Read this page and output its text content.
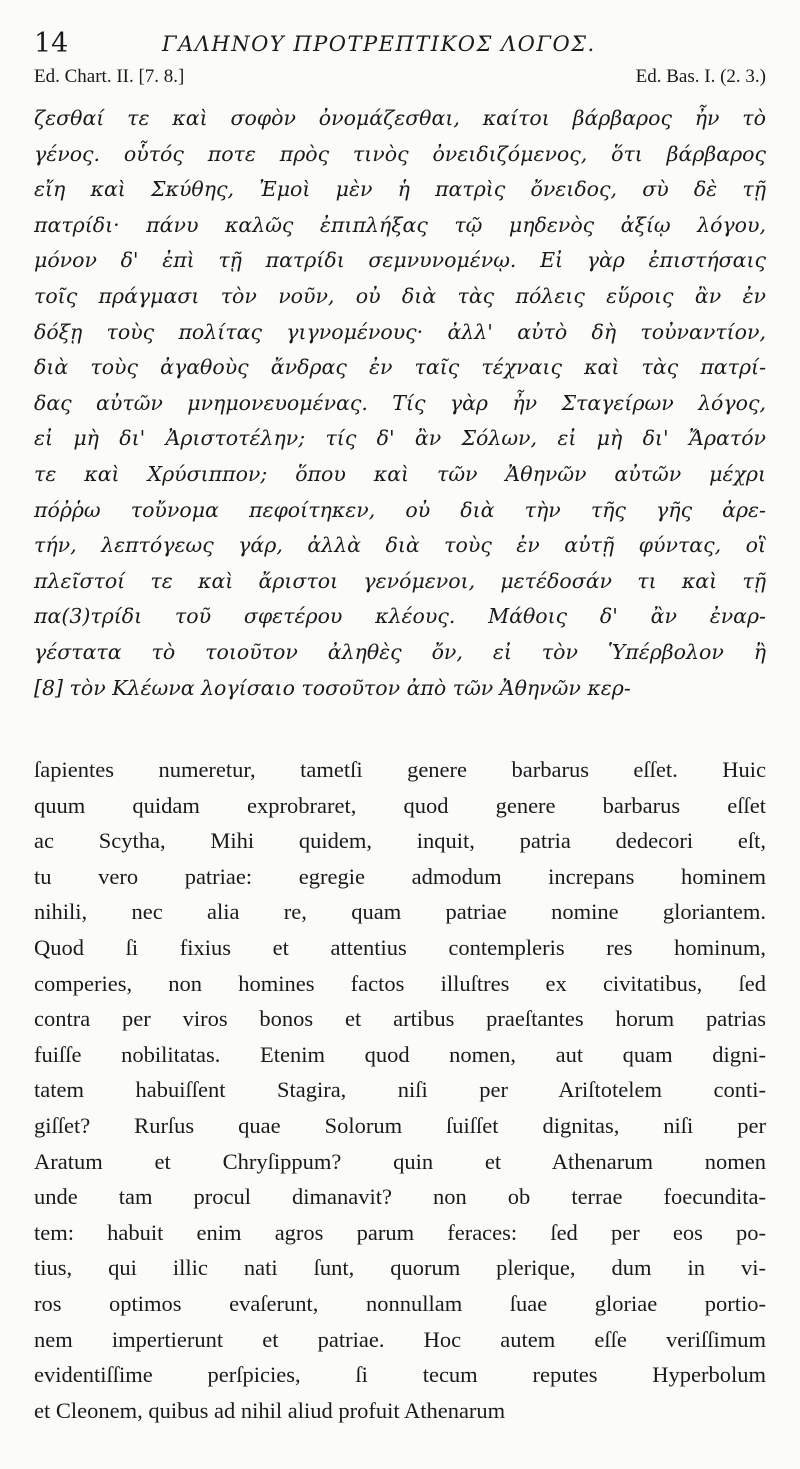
14	ΓΑΛΗΝΟΥ ΠΡΟΤΡΕΠΤΙΚΟΣ ΛΟΓΟΣ.
Ed. Chart. II. [7. 8.]	Ed. Bas. I. (2. 3.)
ζεσθαί τε καὶ σοφὸν ὀνομάζεσθαι, καίτοι βάρβαρος ἦν τὸ
γένος. οὗτός ποτε πρὸς τινὸς ὀνειδιζόμενος, ὅτι βάρβαρος
εἴη καὶ Σκύθης, Ἐμοὶ μὲν ἡ πατρὶς ὄνειδος, σὺ δὲ τῇ
πατρίδι· πάνυ καλῶς ἐπιπλήξας τῷ μηδενὸς ἀξίῳ λόγου,
μόνον δ' ἐπὶ τῇ πατρίδι σεμνυνομένῳ. Εἰ γὰρ ἐπιστήσαις
τοῖς πράγμασι τὸν νοῦν, οὐ διὰ τὰς πόλεις εὕροις ἂν ἐν
δόξῃ τοὺς πολίτας γιγνομένους· ἀλλ' αὐτὸ δὴ τοὐναντίον,
διὰ τοὺς ἀγαθοὺς ἄνδρας ἐν ταῖς τέχναις καὶ τὰς πατρί-
δας αὐτῶν μνημονευομένας. Τίς γὰρ ἦν Σταγείρων λόγος,
εἰ μὴ δι' Ἀριστοτέλην; τίς δ' ἂν Σόλων, εἰ μὴ δι' Ἄρατόν
τε καὶ Χρύσιππον; ὅπου καὶ τῶν Ἀθηνῶν αὐτῶν μέχρι
πόῤῥω τοὔνομα πεφοίτηκεν, οὐ διὰ τὴν τῆς γῆς ἀρε-
τήν, λεπτόγεως γάρ, ἀλλὰ διὰ τοὺς ἐν αὐτῇ φύντας, οἳ
πλεῖστοί τε καὶ ἄριστοι γενόμενοι, μετέδοσάν τι καὶ τῇ
πα(3)τρίδι τοῦ σφετέρου κλέους. Μάθοις δ' ἂν ἐναρ-
γέστατα τὸ τοιοῦτον ἀληθὲς ὄν, εἰ τὸν Ὑπέρβολον ἢ
[8] τὸν Κλέωνα λογίσαιο τοσοῦτον ἀπὸ τῶν Ἀθηνῶν κερ-
ſapientes numeretur, tametſi genere barbarus eſſet. Huic
quum quidam exprobraret, quod genere barbarus eſſet
ac Scytha, Mihi quidem, inquit, patria dedecori eſt,
tu vero patriae: egregie admodum increpans hominem
nihili, nec alia re, quam patriae nomine gloriantem.
Quod ſi fixius et attentius contempleris res hominum,
comperies, non homines factos illuſtres ex civitatibus, ſed
contra per viros bonos et artibus praeſtantes horum patrias
fuiſſe nobilitatas. Etenim quod nomen, aut quam digni-
tatem habuiſſent Stagira, niſi per Ariſtotelem conti-
giſſet? Rurſus quae Solorum ſuiſſet dignitas, niſi per
Aratum et Chryſippum? quin et Athenarum nomen
unde tam procul dimanavit? non ob terrae foecundita-
tem: habuit enim agros parum feraces: ſed per eos po-
tius, qui illic nati ſunt, quorum plerique, dum in vi-
ros optimos evaſerunt, nonnullam ſuae gloriae portio-
nem impertierunt et patriae. Hoc autem eſſe veriſſimum
evidentiſſime perſpicies, ſi tecum reputes Hyperbolum
et Cleonem, quibus ad nihil aliud profuit Athenarum
